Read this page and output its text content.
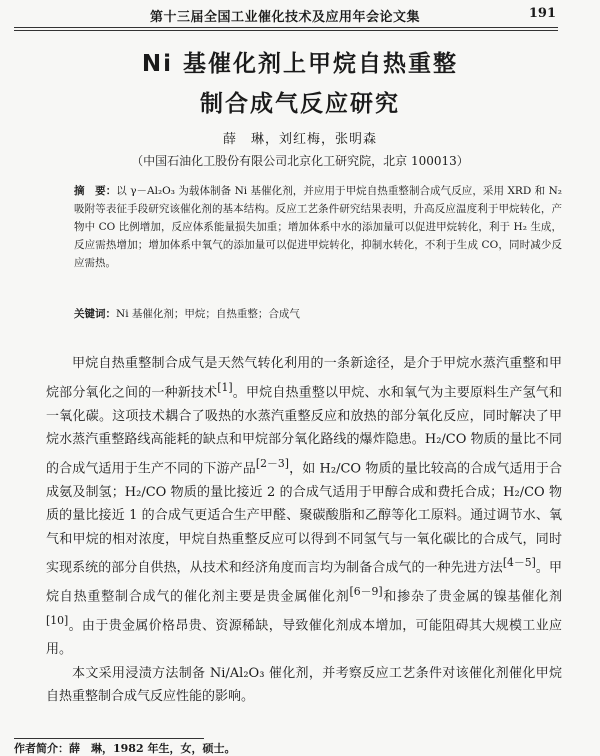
第十三届全国工业催化技术及应用年会论文集	191
Ni 基催化剂上甲烷自热重整
制合成气反应研究
薛　琳，刘红梅，张明森
（中国石油化工股份有限公司北京化工研究院，北京 100013）
摘　要：以 γ－Al₂O₃ 为载体制备 Ni 基催化剂，并应用于甲烷自热重整制合成气反应，采用 XRD 和 N₂ 吸附等表征手段研究该催化剂的基本结构。反应工艺条件研究结果表明，升高反应温度利于甲烷转化，产物中 CO 比例增加，反应体系能量损失加重；增加体系中水的添加量可以促进甲烷转化，利于 H₂ 生成，反应需热增加；增加体系中氧气的添加量可以促进甲烷转化，抑制水转化，不利于生成 CO，同时减少反应需热。
关键词：Ni 基催化剂；甲烷；自热重整；合成气

甲烷自热重整制合成气是天然气转化利用的一条新途径，是介于甲烷水蒸汽重整和甲烷部分氧化之间的一种新技术[1]。甲烷自热重整以甲烷、水和氧气为主要原料生产氢气和一氧化碳。这项技术耦合了吸热的水蒸汽重整反应和放热的部分氧化反应，同时解决了甲烷水蒸汽重整路线高能耗的缺点和甲烷部分氧化路线的爆炸隐患。H₂/CO 物质的量比不同的合成气适用于生产不同的下游产品[2－3]，如 H₂/CO 物质的量比较高的合成气适用于合成氨及制氢；H₂/CO 物质的量比接近 2 的合成气适用于甲醇合成和费托合成；H₂/CO 物质的量比接近 1 的合成气更适合生产甲醛、聚碳酸脂和乙醇等化工原料。通过调节水、氧气和甲烷的相对浓度，甲烷自热重整反应可以得到不同氢气与一氧化碳比的合成气，同时实现系统的部分自供热，从技术和经济角度而言均为制备合成气的一种先进方法[4－5]。甲烷自热重整制合成气的催化剂主要是贵金属催化剂[6－9]和掺杂了贵金属的镍基催化剂[10]。由于贵金属价格昂贵、资源稀缺，导致催化剂成本增加，可能阻碍其大规模工业应用。

本文采用浸渍方法制备 Ni/Al₂O₃ 催化剂，并考察反应工艺条件对该催化剂催化甲烷自热重整制合成气反应性能的影响。

作者简介：薛　琳，1982 年生，女，硕士。
